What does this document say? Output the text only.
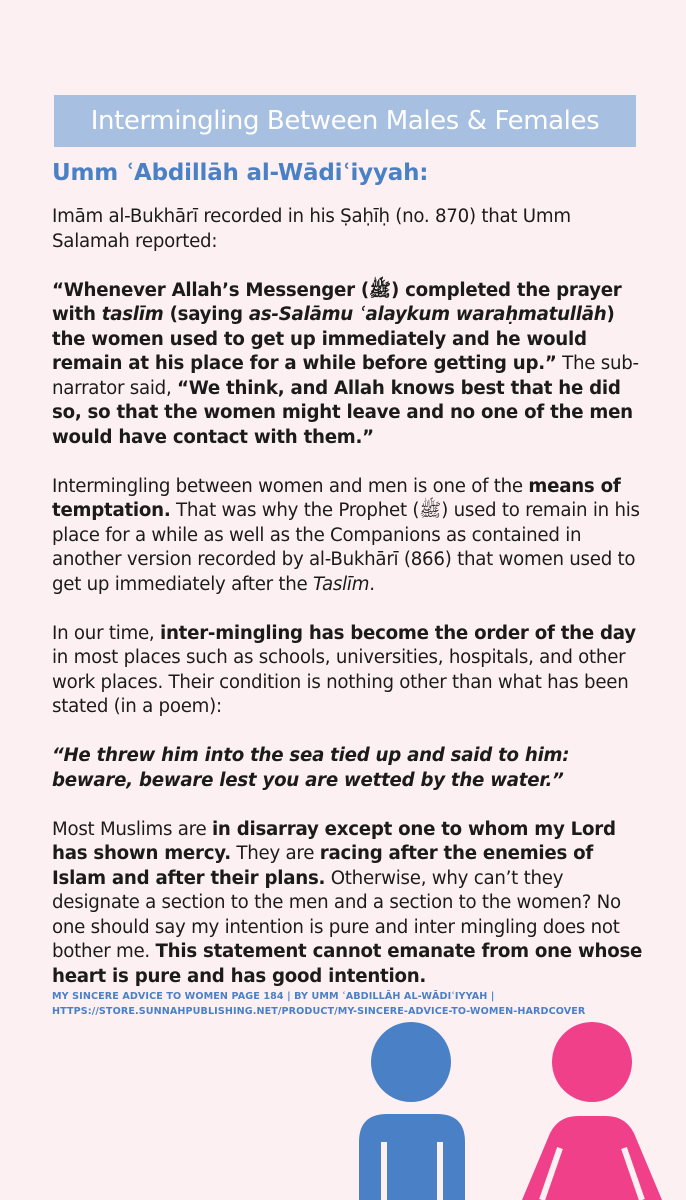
Intermingling Between Males & Females
Umm ʿAbdillāh al-Wādiʿiyyah:

Imām al-Bukhārī recorded in his Ṣaḥīḥ (no. 870) that Umm Salamah reported:

“Whenever Allah’s Messenger (ﷺ) completed the prayer with taslīm (saying as-Salāmu ʿalaykum waraḥmatullāh) the women used to get up immediately and he would remain at his place for a while before getting up.” The sub-narrator said, “We think, and Allah knows best that he did so, so that the women might leave and no one of the men would have contact with them.”

Intermingling between women and men is one of the means of temptation. That was why the Prophet (ﷺ) used to remain in his place for a while as well as the Companions as contained in another version recorded by al-Bukhārī (866) that women used to get up immediately after the Taslīm.

In our time, inter-mingling has become the order of the day in most places such as schools, universities, hospitals, and other work places. Their condition is nothing other than what has been stated (in a poem):

“He threw him into the sea tied up and said to him: beware, beware lest you are wetted by the water.”

Most Muslims are in disarray except one to whom my Lord has shown mercy. They are racing after the enemies of Islam and after their plans. Otherwise, why can’t they designate a section to the men and a section to the women? No one should say my intention is pure and inter mingling does not bother me. This statement cannot emanate from one whose heart is pure and has good intention.

MY SINCERE ADVICE TO WOMEN PAGE 184 | BY UMM ʿABDILLĀH AL-WĀDIʿIYYAH |
HTTPS://STORE.SUNNAHPUBLISHING.NET/PRODUCT/MY-SINCERE-ADVICE-TO-WOMEN-HARDCOVER
